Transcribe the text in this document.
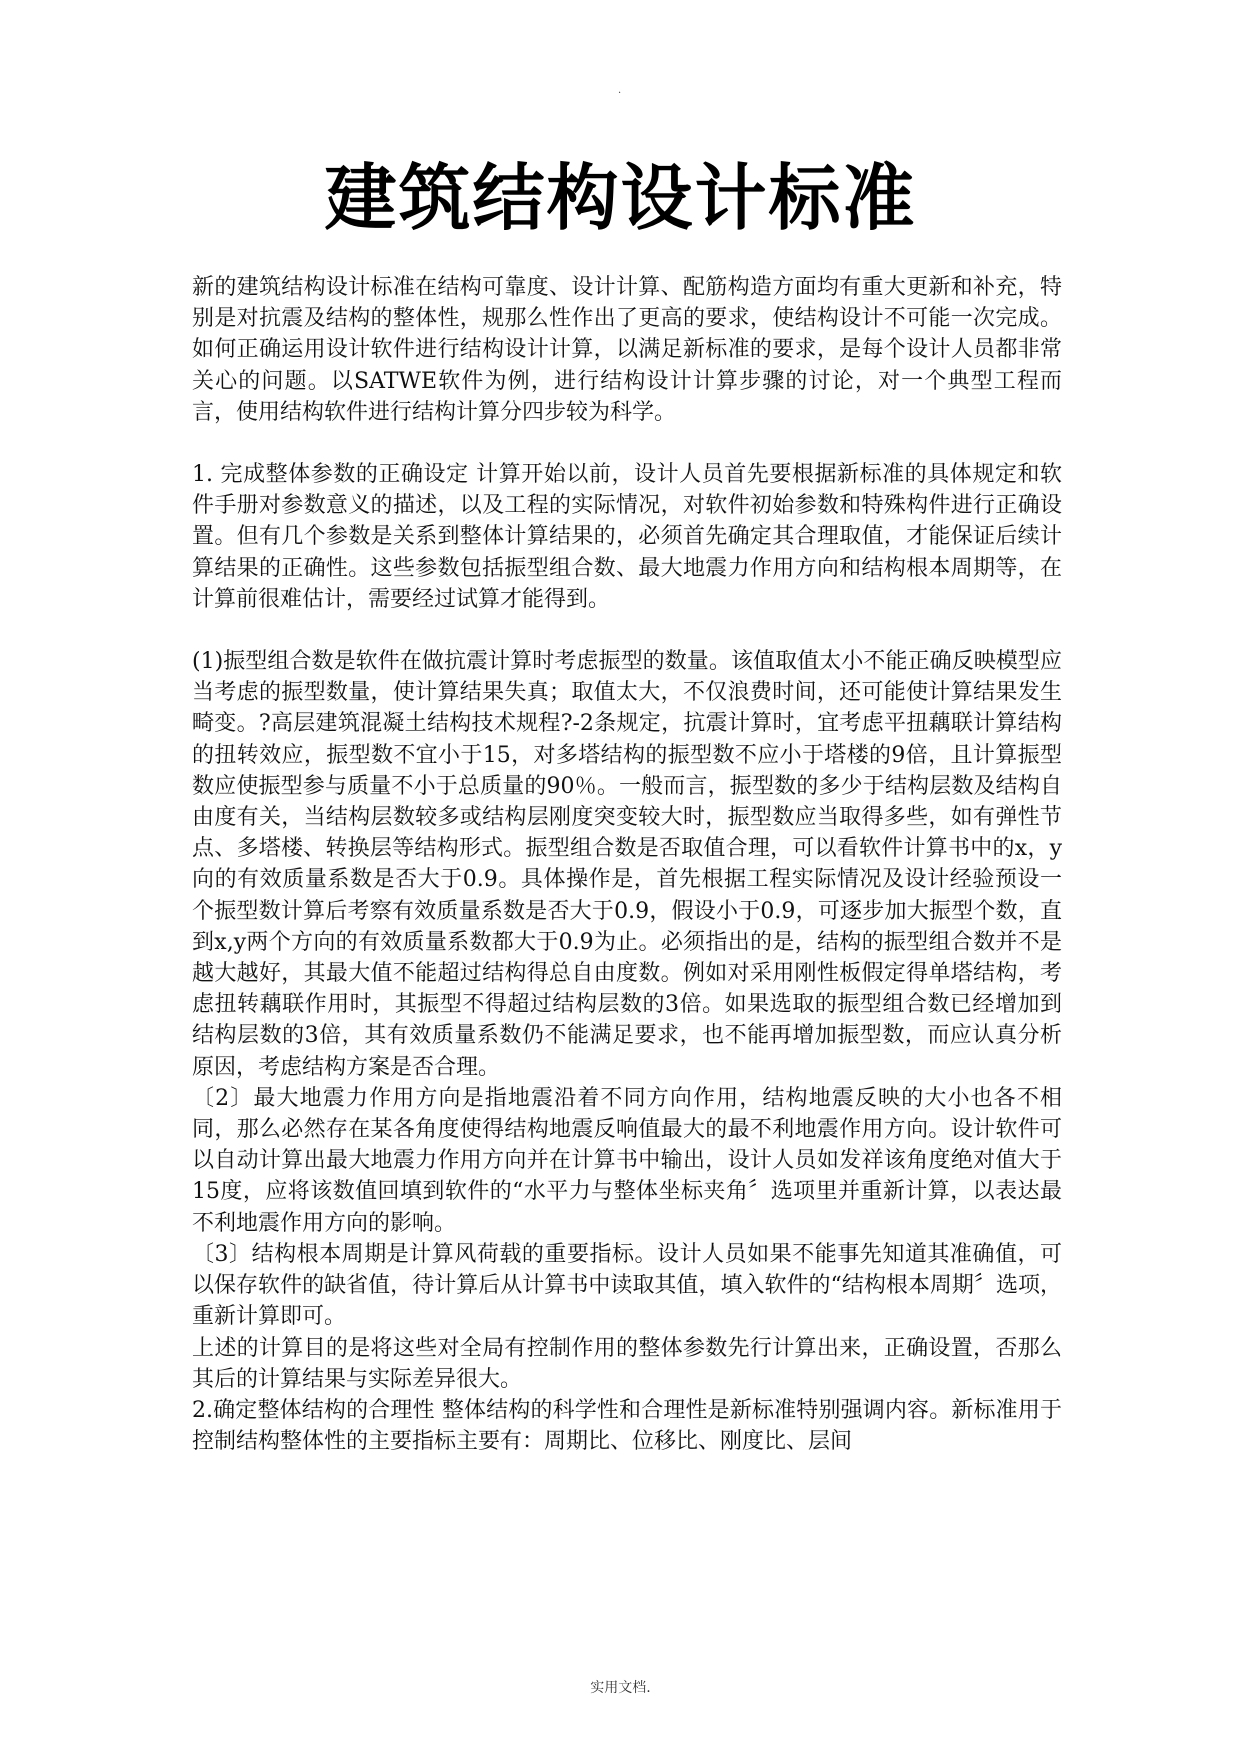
.
建筑结构设计标准

新的建筑结构设计标准在结构可靠度、设计计算、配筋构造方面均有重大更新和补充，特别是对抗震及结构的整体性，规那么性作出了更高的要求，使结构设计不可能一次完成。如何正确运用设计软件进行结构设计计算，以满足新标准的要求，是每个设计人员都非常关心的问题。以SATWE软件为例，进行结构设计计算步骤的讨论，对一个典型工程而言，使用结构软件进行结构计算分四步较为科学。

1. 完成整体参数的正确设定 计算开始以前，设计人员首先要根据新标准的具体规定和软件手册对参数意义的描述，以及工程的实际情况，对软件初始参数和特殊构件进行正确设置。但有几个参数是关系到整体计算结果的，必须首先确定其合理取值，才能保证后续计算结果的正确性。这些参数包括振型组合数、最大地震力作用方向和结构根本周期等，在计算前很难估计，需要经过试算才能得到。

(1)振型组合数是软件在做抗震计算时考虑振型的数量。该值取值太小不能正确反映模型应当考虑的振型数量，使计算结果失真；取值太大，不仅浪费时间，还可能使计算结果发生畸变。?高层建筑混凝土结构技术规程?-2条规定，抗震计算时，宜考虑平扭藕联计算结构的扭转效应，振型数不宜小于15，对多塔结构的振型数不应小于塔楼的9倍，且计算振型数应使振型参与质量不小于总质量的90％。一般而言，振型数的多少于结构层数及结构自由度有关，当结构层数较多或结构层刚度突变较大时，振型数应当取得多些，如有弹性节点、多塔楼、转换层等结构形式。振型组合数是否取值合理，可以看软件计算书中的x，y向的有效质量系数是否大于0.9。具体操作是，首先根据工程实际情况及设计经验预设一个振型数计算后考察有效质量系数是否大于0.9，假设小于0.9，可逐步加大振型个数，直到x,y两个方向的有效质量系数都大于0.9为止。必须指出的是，结构的振型组合数并不是越大越好，其最大值不能超过结构得总自由度数。例如对采用刚性板假定得单塔结构，考虑扭转藕联作用时，其振型不得超过结构层数的3倍。如果选取的振型组合数已经增加到结构层数的3倍，其有效质量系数仍不能满足要求，也不能再增加振型数，而应认真分析原因，考虑结构方案是否合理。

〔2〕最大地震力作用方向是指地震沿着不同方向作用，结构地震反映的大小也各不相同，那么必然存在某各角度使得结构地震反响值最大的最不利地震作用方向。设计软件可以自动计算出最大地震力作用方向并在计算书中输出，设计人员如发祥该角度绝对值大于15度，应将该数值回填到软件的“水平力与整体坐标夹角〞选项里并重新计算，以表达最不利地震作用方向的影响。

〔3〕结构根本周期是计算风荷载的重要指标。设计人员如果不能事先知道其准确值，可以保存软件的缺省值，待计算后从计算书中读取其值，填入软件的“结构根本周期〞选项，重新计算即可。

上述的计算目的是将这些对全局有控制作用的整体参数先行计算出来，正确设置，否那么其后的计算结果与实际差异很大。

2.确定整体结构的合理性 整体结构的科学性和合理性是新标准特别强调内容。新标准用于控制结构整体性的主要指标主要有：周期比、位移比、刚度比、层间

实用文档.
